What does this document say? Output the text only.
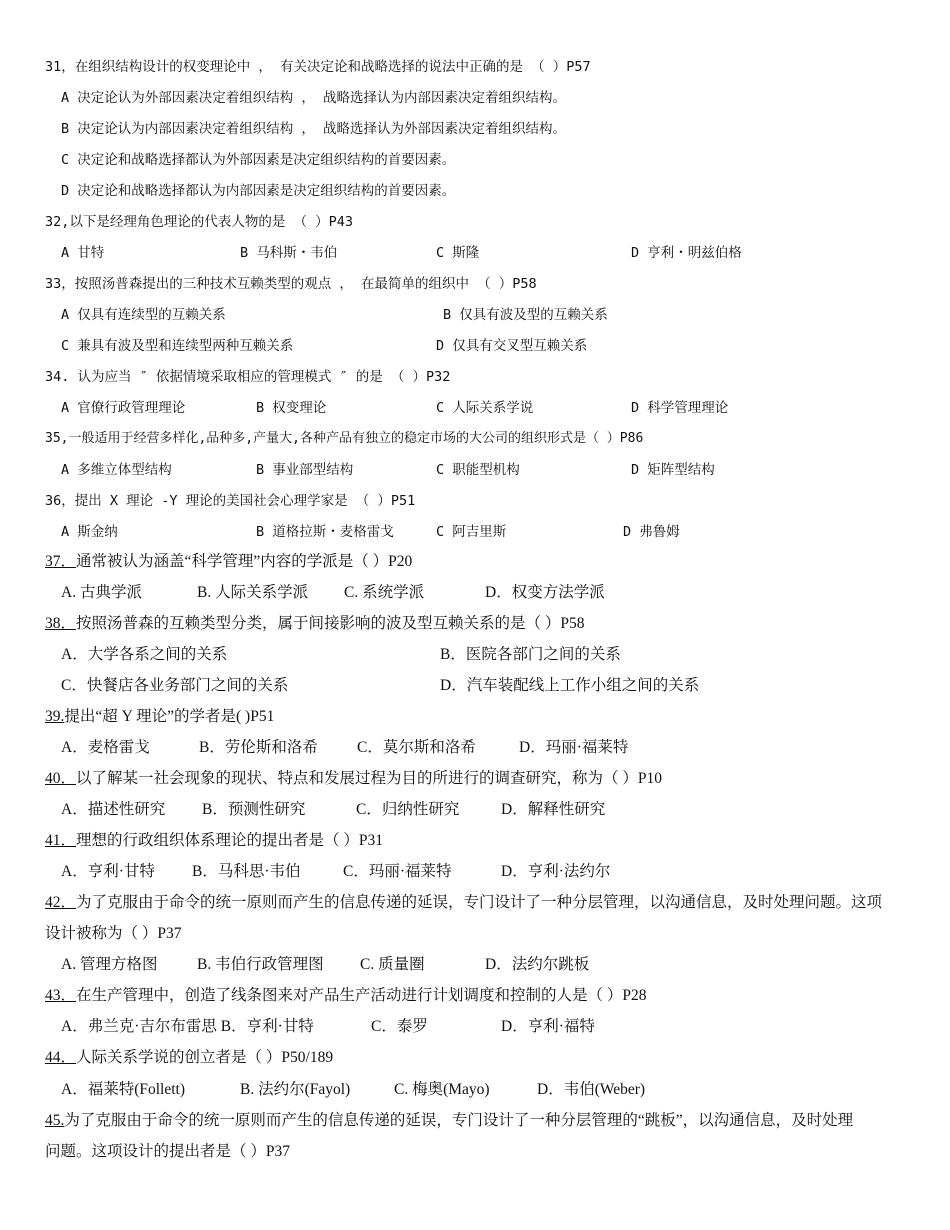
31，在组织结构设计的权变理论中 ， 有关决定论和战略选择的说法中正确的是 （ ）P57
A 决定论认为外部因素决定着组织结构 ， 战略选择认为内部因素决定着组织结构。
B 决定论认为内部因素决定着组织结构 ， 战略选择认为外部因素决定着组织结构。
C 决定论和战略选择都认为外部因素是决定组织结构的首要因素。
D 决定论和战略选择都认为内部因素是决定组织结构的首要因素。
32,以下是经理角色理论的代表人物的是 （ ）P43
A 甘特	B 马科斯・韦伯	C 斯隆	D 亨利・明兹伯格
33，按照汤普森提出的三种技术互赖类型的观点 ， 在最简单的组织中 （ ）P58
A 仅具有连续型的互赖关系	B 仅具有波及型的互赖关系
C 兼具有波及型和连续型两种互赖关系	D 仅具有交叉型互赖关系
34. 认为应当 ″ 依据情境采取相应的管理模式 ″ 的是 （ ）P32
A 官僚行政管理理论	B 权变理论	C 人际关系学说	D 科学管理理论
35,一般适用于经营多样化,品种多,产量大,各种产品有独立的稳定市场的大公司的组织形式是（ ）P86
A 多维立体型结构	B 事业部型结构	C 职能型机构	D 矩阵型结构
36，提出 X 理论 -Y 理论的美国社会心理学家是 （ ）P51
A 斯金纳	B 道格拉斯・麦格雷戈	C 阿吉里斯	D 弗鲁姆
37．通常被认为涵盖“科学管理”内容的学派是（ ）P20
A. 古典学派	B. 人际关系学派 C. 系统学派	D．权变方法学派
38．按照汤普森的互赖类型分类，属于间接影响的波及型互赖关系的是（ ）P58
A．大学各系之间的关系	B．医院各部门之间的关系
C．快餐店各业务部门之间的关系	D．汽车装配线上工作小组之间的关系
39.提出“超 Y 理论”的学者是( )P51
A．麦格雷戈	B．劳伦斯和洛希	C．莫尔斯和洛希	D．玛丽·福莱特
40．以了解某一社会现象的现状、特点和发展过程为目的所进行的调查研究，称为（ ）P10
A．描述性研究 B．预测性研究	C．归纳性研究	D．解释性研究
41．理想的行政组织体系理论的提出者是（ ）P31
A．亨利·甘特 B．马科思·韦伯	C．玛丽·福莱特	D．亨利·法约尔
42．为了克服由于命令的统一原则而产生的信息传递的延误，专门设计了一种分层管理，以沟通信息，及时处理问题。这项
设计被称为（ ）P37
A. 管理方格图	B. 韦伯行政管理图 C. 质量圈	D．法约尔跳板
43．在生产管理中，创造了线条图来对产品生产活动进行计划调度和控制的人是（ ）P28
A．弗兰克·吉尔布雷思 B．亨利·甘特	C．泰罗	D．亨利·福特
44．人际关系学说的创立者是（ ）P50/189
A．福莱特(Follett)	B. 法约尔(Fayol)	C. 梅奥(Mayo)	D．韦伯(Weber)
45.为了克服由于命令的统一原则而产生的信息传递的延误，专门设计了一种分层管理的“跳板”，以沟通信息，及时处理
问题。这项设计的提出者是（ ）P37
